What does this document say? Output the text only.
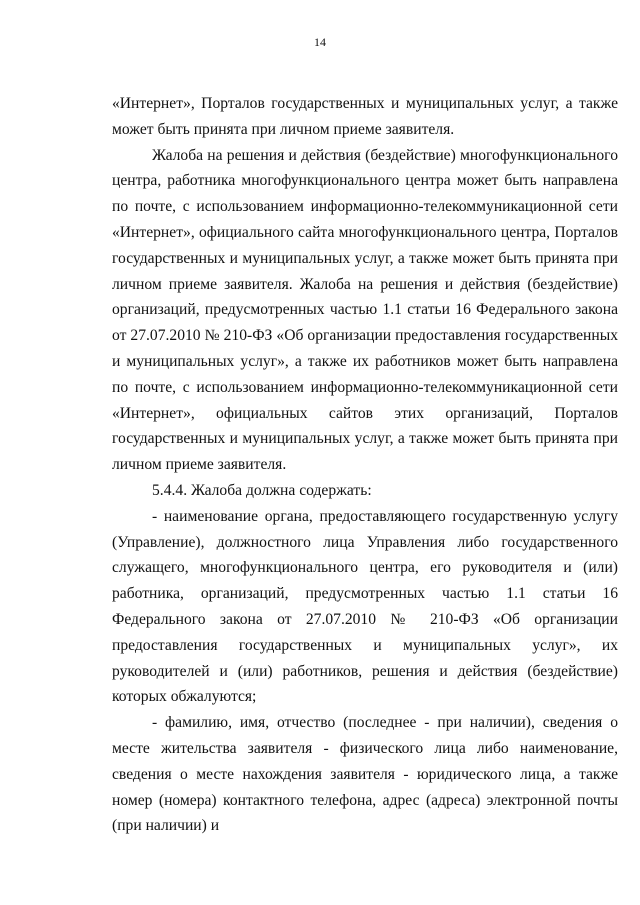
14

«Интернет», Порталов государственных и муниципальных услуг, а также может быть принята при личном приеме заявителя.

Жалоба на решения и действия (бездействие) многофункционального центра, работника многофункционального центра может быть направлена по почте, с использованием информационно-телекоммуникационной сети «Интернет», официального сайта многофункционального центра, Порталов государственных и муниципальных услуг, а также может быть принята при личном приеме заявителя. Жалоба на решения и действия (бездействие) организаций, предусмотренных частью 1.1 статьи 16 Федерального закона от 27.07.2010 № 210-ФЗ «Об организации предоставления государственных и муниципальных услуг», а также их работников может быть направлена по почте, с использованием информационно-телекоммуникационной сети «Интернет», официальных сайтов этих организаций, Порталов государственных и муниципальных услуг, а также может быть принята при личном приеме заявителя.

5.4.4. Жалоба должна содержать:

- наименование органа, предоставляющего государственную услугу (Управление), должностного лица Управления либо государственного служащего, многофункционального центра, его руководителя и (или) работника, организаций, предусмотренных частью 1.1 статьи 16 Федерального закона от 27.07.2010 № 210-ФЗ «Об организации предоставления государственных и муниципальных услуг», их руководителей и (или) работников, решения и действия (бездействие) которых обжалуются;

- фамилию, имя, отчество (последнее - при наличии), сведения о месте жительства заявителя - физического лица либо наименование, сведения о месте нахождения заявителя - юридического лица, а также номер (номера) контактного телефона, адрес (адреса) электронной почты (при наличии) и
